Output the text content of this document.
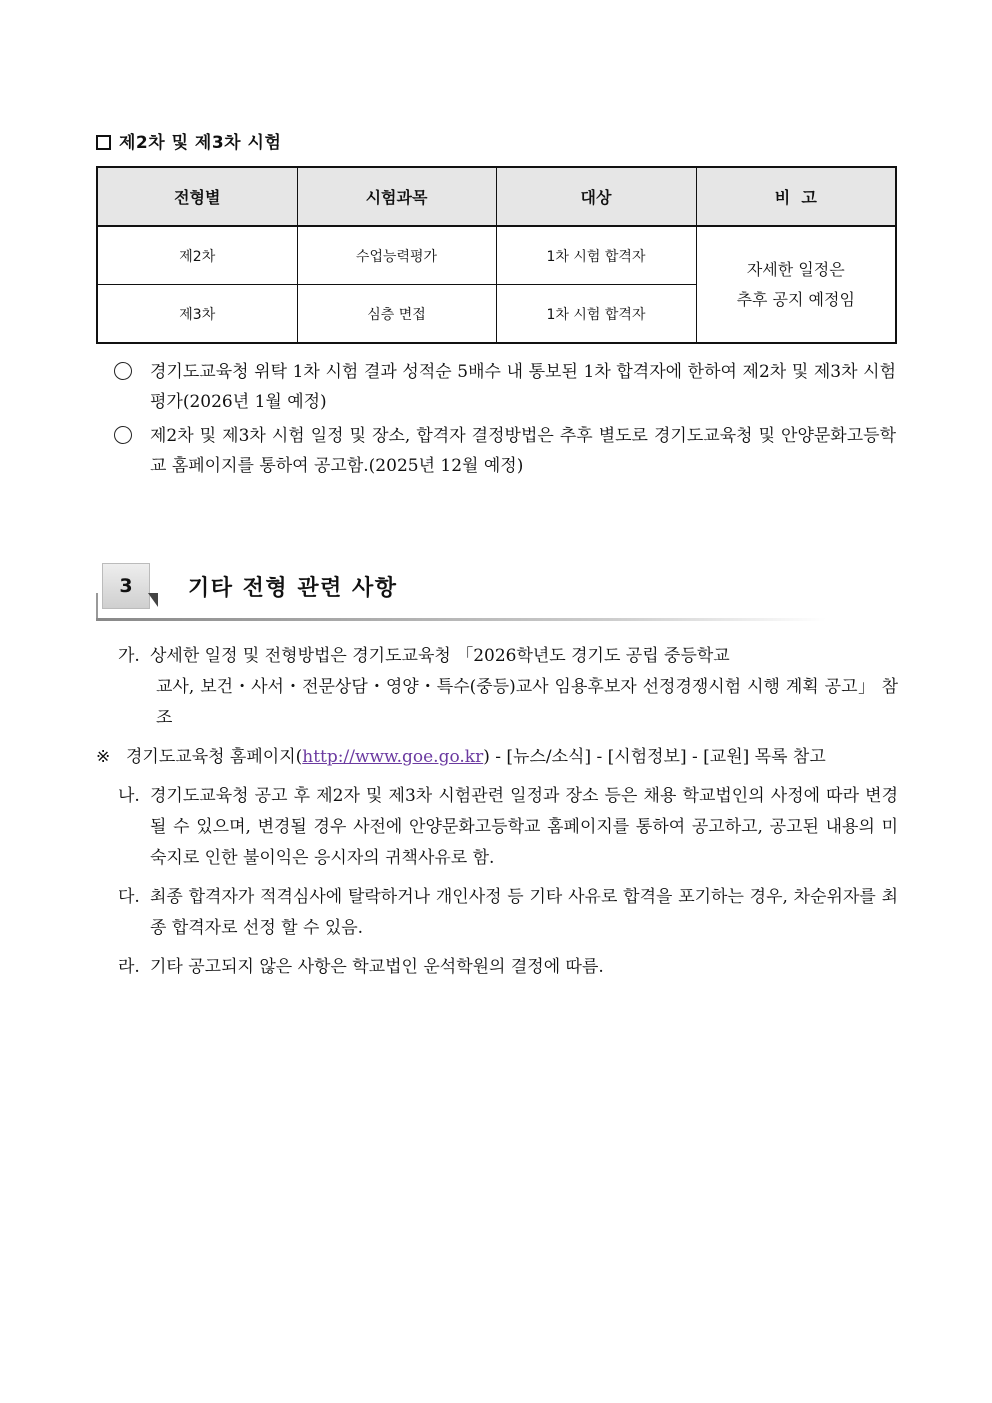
제2차 및 제3차 시험
전형별	시험과목	대상	비  고
제2차	수업능력평가	1차 시험 합격자	자세한 일정은
추후 공지 예정임

제3차	심층 면접	1차 시험 합격자	
경기도교육청 위탁 1차 시험 결과 성적순 5배수 내 통보된 1차 합격자에 한하여 제2차 및 제3차 시험 평가(2026년 1월 예정)
제2차 및 제3차 시험 일정 및 장소, 합격자 결정방법은 추후 별도로 경기도교육청 및 안양문화고등학교 홈페이지를 통하여 공고함.(2025년 12월 예정)
3	기타 전형 관련 사항
가. 상세한 일정 및 전형방법은 경기도교육청 「2026학년도 경기도 공립 중등학교
교사, 보건・사서・전문상담・영양・특수(중등)교사 임용후보자 선정경쟁시험 시행 계획 공고」 참조
※ 경기도교육청 홈페이지(http://www.goe.go.kr) - [뉴스/소식] - [시험정보] - [교원] 목록 참고
나. 경기도교육청 공고 후 제2자 및 제3차 시험관련 일정과 장소 등은 채용 학교법인의 사정에 따라 변경될 수 있으며, 변경될 경우 사전에 안양문화고등학교 홈페이지를 통하여 공고하고, 공고된 내용의 미숙지로 인한 불이익은 응시자의 귀책사유로 함.
다. 최종 합격자가 적격심사에 탈락하거나 개인사정 등 기타 사유로 합격을 포기하는 경우, 차순위자를 최종 합격자로 선정 할 수 있음.
라. 기타 공고되지 않은 사항은 학교법인 운석학원의 결정에 따름.
